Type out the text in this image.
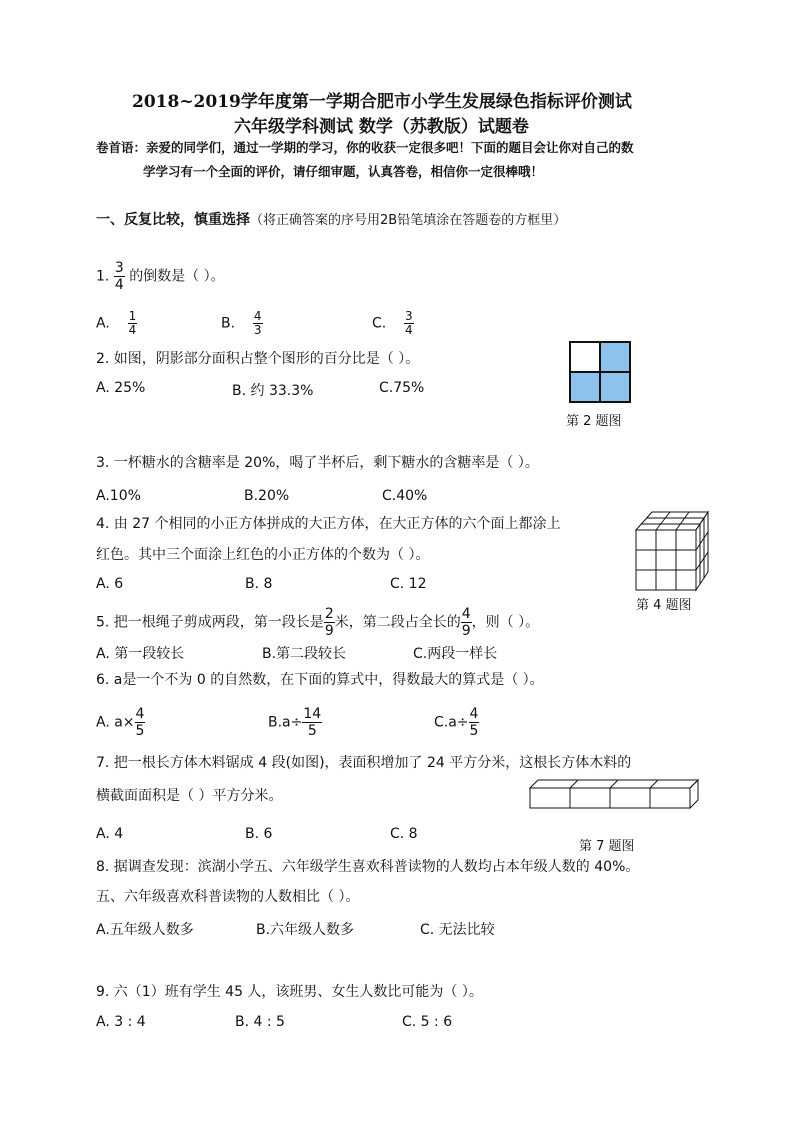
2018~2019学年度第一学期合肥市小学生发展绿色指标评价测试
六年级学科测试 数学（苏教版）试题卷
卷首语：亲爱的同学们，通过一学期的学习，你的收获一定很多吧！下面的题目会让你对自己的数
学学习有一个全面的评价，请仔细审题，认真答卷，相信你一定很棒哦！
一、反复比较，慎重选择（将正确答案的序号用2B铅笔填涂在答题卷的方框里）
1. $\frac{3}{4}$ 的倒数是（ ）。
A. $\frac{1}{4}$	B. $\frac{4}{3}$	C. $\frac{3}{4}$
2. 如图，阴影部分面积占整个图形的百分比是（ ）。
A. 25%	B. 约 33.3%	C.75%
第 2 题图
3. 一杯糖水的含糖率是 20%，喝了半杯后，剩下糖水的含糖率是（ ）。
A.10%	B.20%	C.40%
4. 由 27 个相同的小正方体拼成的大正方体，在大正方体的六个面上都涂上
红色。其中三个面涂上红色的小正方体的个数为（ ）。
A. 6	B. 8	C. 12
第 4 题图
5. 把一根绳子剪成两段，第一段长是 $\frac{2}{9}$ 米，第二段占全长的 $\frac{4}{9}$ ，则（ ）。
A. 第一段较长	B.第二段较长	C.两段一样长
6. a是一个不为 0 的自然数，在下面的算式中，得数最大的算式是（ ）。
A. $a\times \frac{4}{5}$	$B.a\div \frac{14}{5}$	$C.a\div \frac{4}{5}$
7. 把一根长方体木料锯成 4 段(如图)，表面积增加了 24 平方分米，这根长方体木料的
横截面面积是（ ）平方分米。
A. 4	B. 6	C. 8
第 7 题图
8. 据调查发现：滨湖小学五、六年级学生喜欢科普读物的人数均占本年级人数的 40%。
五、六年级喜欢科普读物的人数相比（ ）。
A.五年级人数多	B.六年级人数多	C. 无法比较
9. 六（1）班有学生 45 人，该班男、女生人数比可能为（ ）。
A. 3 : 4	B. 4 : 5	C. 5 : 6
